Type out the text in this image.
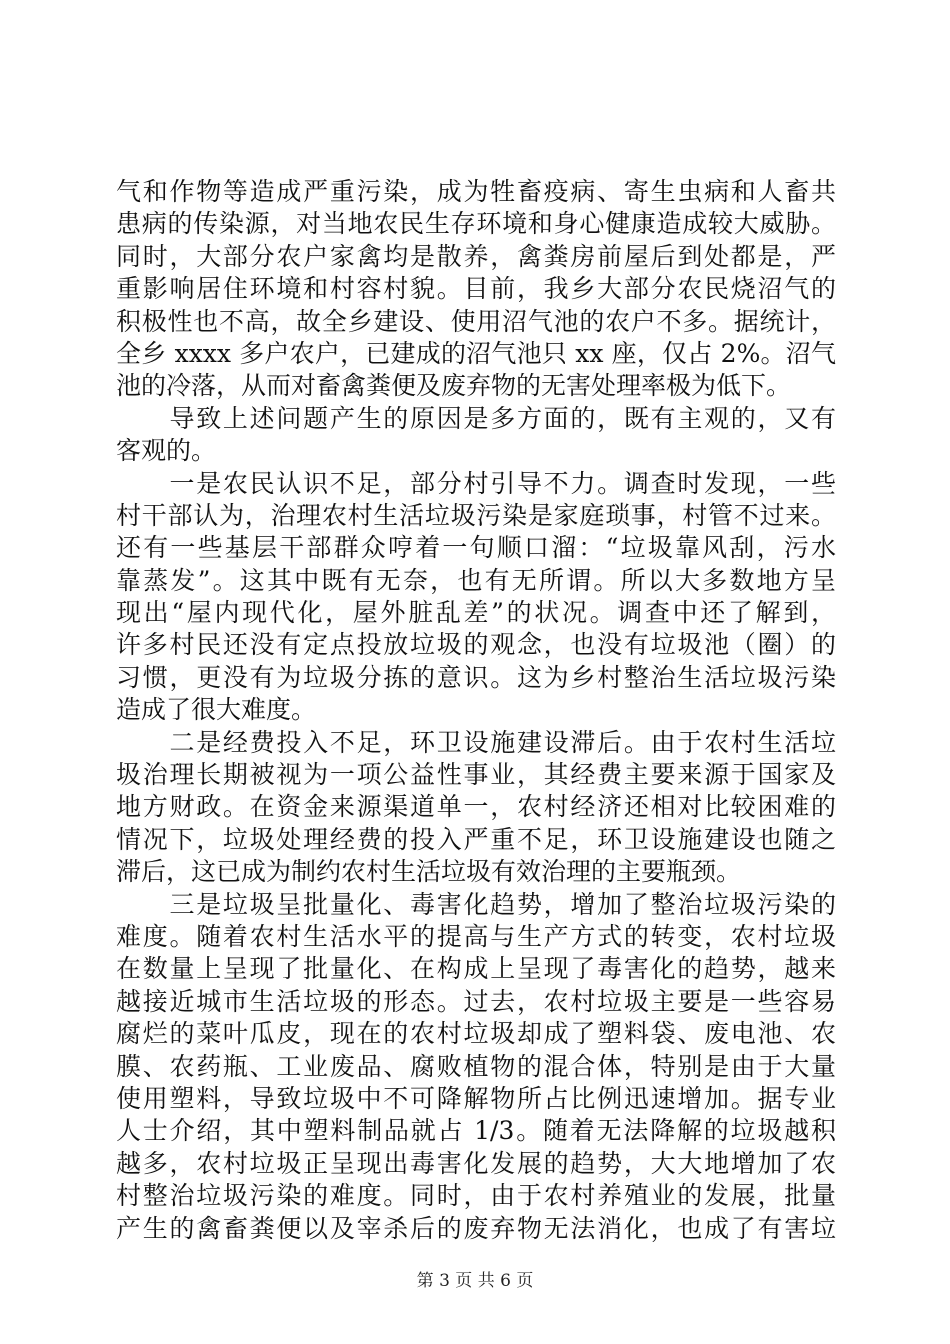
气和作物等造成严重污染，成为牲畜疫病、寄生虫病和人畜共
患病的传染源，对当地农民生存环境和身心健康造成较大威胁。
同时，大部分农户家禽均是散养，禽粪房前屋后到处都是，严
重影响居住环境和村容村貌。目前，我乡大部分农民烧沼气的
积极性也不高，故全乡建设、使用沼气池的农户不多。据统计，
全乡 xxxx 多户农户，已建成的沼气池只 xx 座，仅占 2%。沼气
池的冷落，从而对畜禽粪便及废弃物的无害处理率极为低下。
　　导致上述问题产生的原因是多方面的，既有主观的，又有
客观的。
　　一是农民认识不足，部分村引导不力。调查时发现，一些
村干部认为，治理农村生活垃圾污染是家庭琐事，村管不过来。
还有一些基层干部群众哼着一句顺口溜：“垃圾靠风刮，污水
靠蒸发”。这其中既有无奈，也有无所谓。所以大多数地方呈
现出“屋内现代化，屋外脏乱差”的状况。调查中还了解到，
许多村民还没有定点投放垃圾的观念，也没有垃圾池（圈）的
习惯，更没有为垃圾分拣的意识。这为乡村整治生活垃圾污染
造成了很大难度。
　　二是经费投入不足，环卫设施建设滞后。由于农村生活垃
圾治理长期被视为一项公益性事业，其经费主要来源于国家及
地方财政。在资金来源渠道单一，农村经济还相对比较困难的
情况下，垃圾处理经费的投入严重不足，环卫设施建设也随之
滞后，这已成为制约农村生活垃圾有效治理的主要瓶颈。
　　三是垃圾呈批量化、毒害化趋势，增加了整治垃圾污染的
难度。随着农村生活水平的提高与生产方式的转变，农村垃圾
在数量上呈现了批量化、在构成上呈现了毒害化的趋势，越来
越接近城市生活垃圾的形态。过去，农村垃圾主要是一些容易
腐烂的菜叶瓜皮，现在的农村垃圾却成了塑料袋、废电池、农
膜、农药瓶、工业废品、腐败植物的混合体，特别是由于大量
使用塑料，导致垃圾中不可降解物所占比例迅速增加。据专业
人士介绍，其中塑料制品就占 1/3。随着无法降解的垃圾越积
越多，农村垃圾正呈现出毒害化发展的趋势，大大地增加了农
村整治垃圾污染的难度。同时，由于农村养殖业的发展，批量
产生的禽畜粪便以及宰杀后的废弃物无法消化，也成了有害垃
第 3 页 共 6 页
